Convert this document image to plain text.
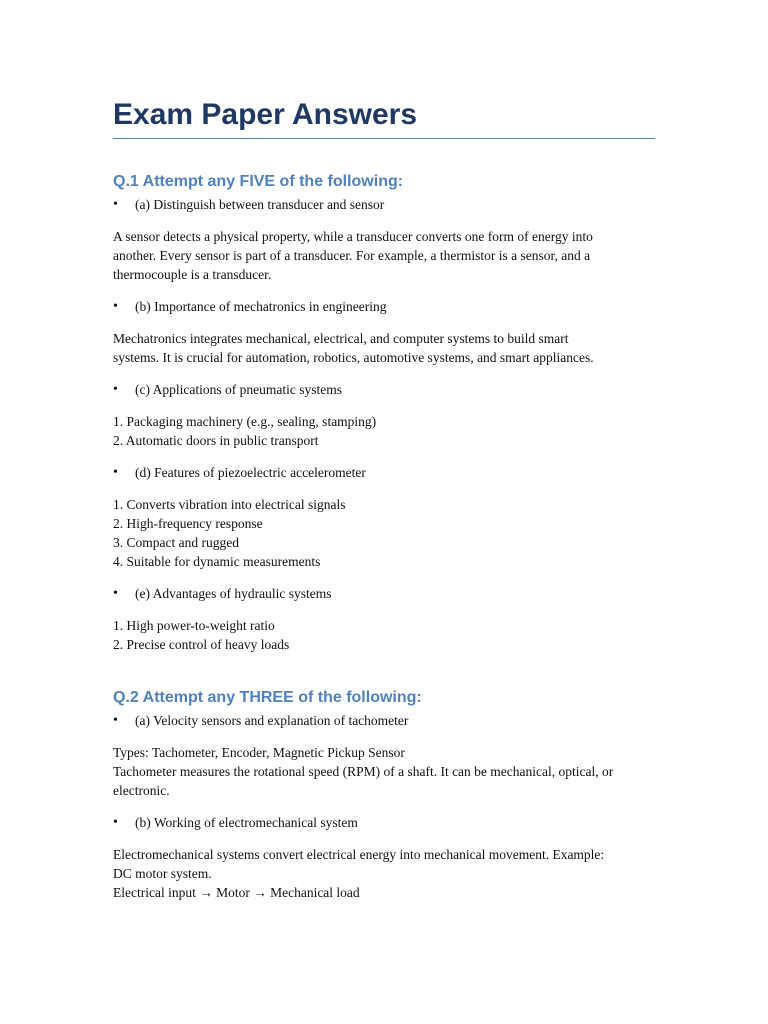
Exam Paper Answers
Q.1 Attempt any FIVE of the following:
•	(a) Distinguish between transducer and sensor

A sensor detects a physical property, while a transducer converts one form of energy into
another. Every sensor is part of a transducer. For example, a thermistor is a sensor, and a
thermocouple is a transducer.

•	(b) Importance of mechatronics in engineering

Mechatronics integrates mechanical, electrical, and computer systems to build smart
systems. It is crucial for automation, robotics, automotive systems, and smart appliances.

•	(c) Applications of pneumatic systems

1. Packaging machinery (e.g., sealing, stamping)
2. Automatic doors in public transport

•	(d) Features of piezoelectric accelerometer

1. Converts vibration into electrical signals
2. High-frequency response
3. Compact and rugged
4. Suitable for dynamic measurements

•	(e) Advantages of hydraulic systems

1. High power-to-weight ratio
2. Precise control of heavy loads

Q.2 Attempt any THREE of the following:
•	(a) Velocity sensors and explanation of tachometer

Types: Tachometer, Encoder, Magnetic Pickup Sensor
Tachometer measures the rotational speed (RPM) of a shaft. It can be mechanical, optical, or
electronic.

•	(b) Working of electromechanical system

Electromechanical systems convert electrical energy into mechanical movement. Example:
DC motor system.
Electrical input → Motor → Mechanical load
